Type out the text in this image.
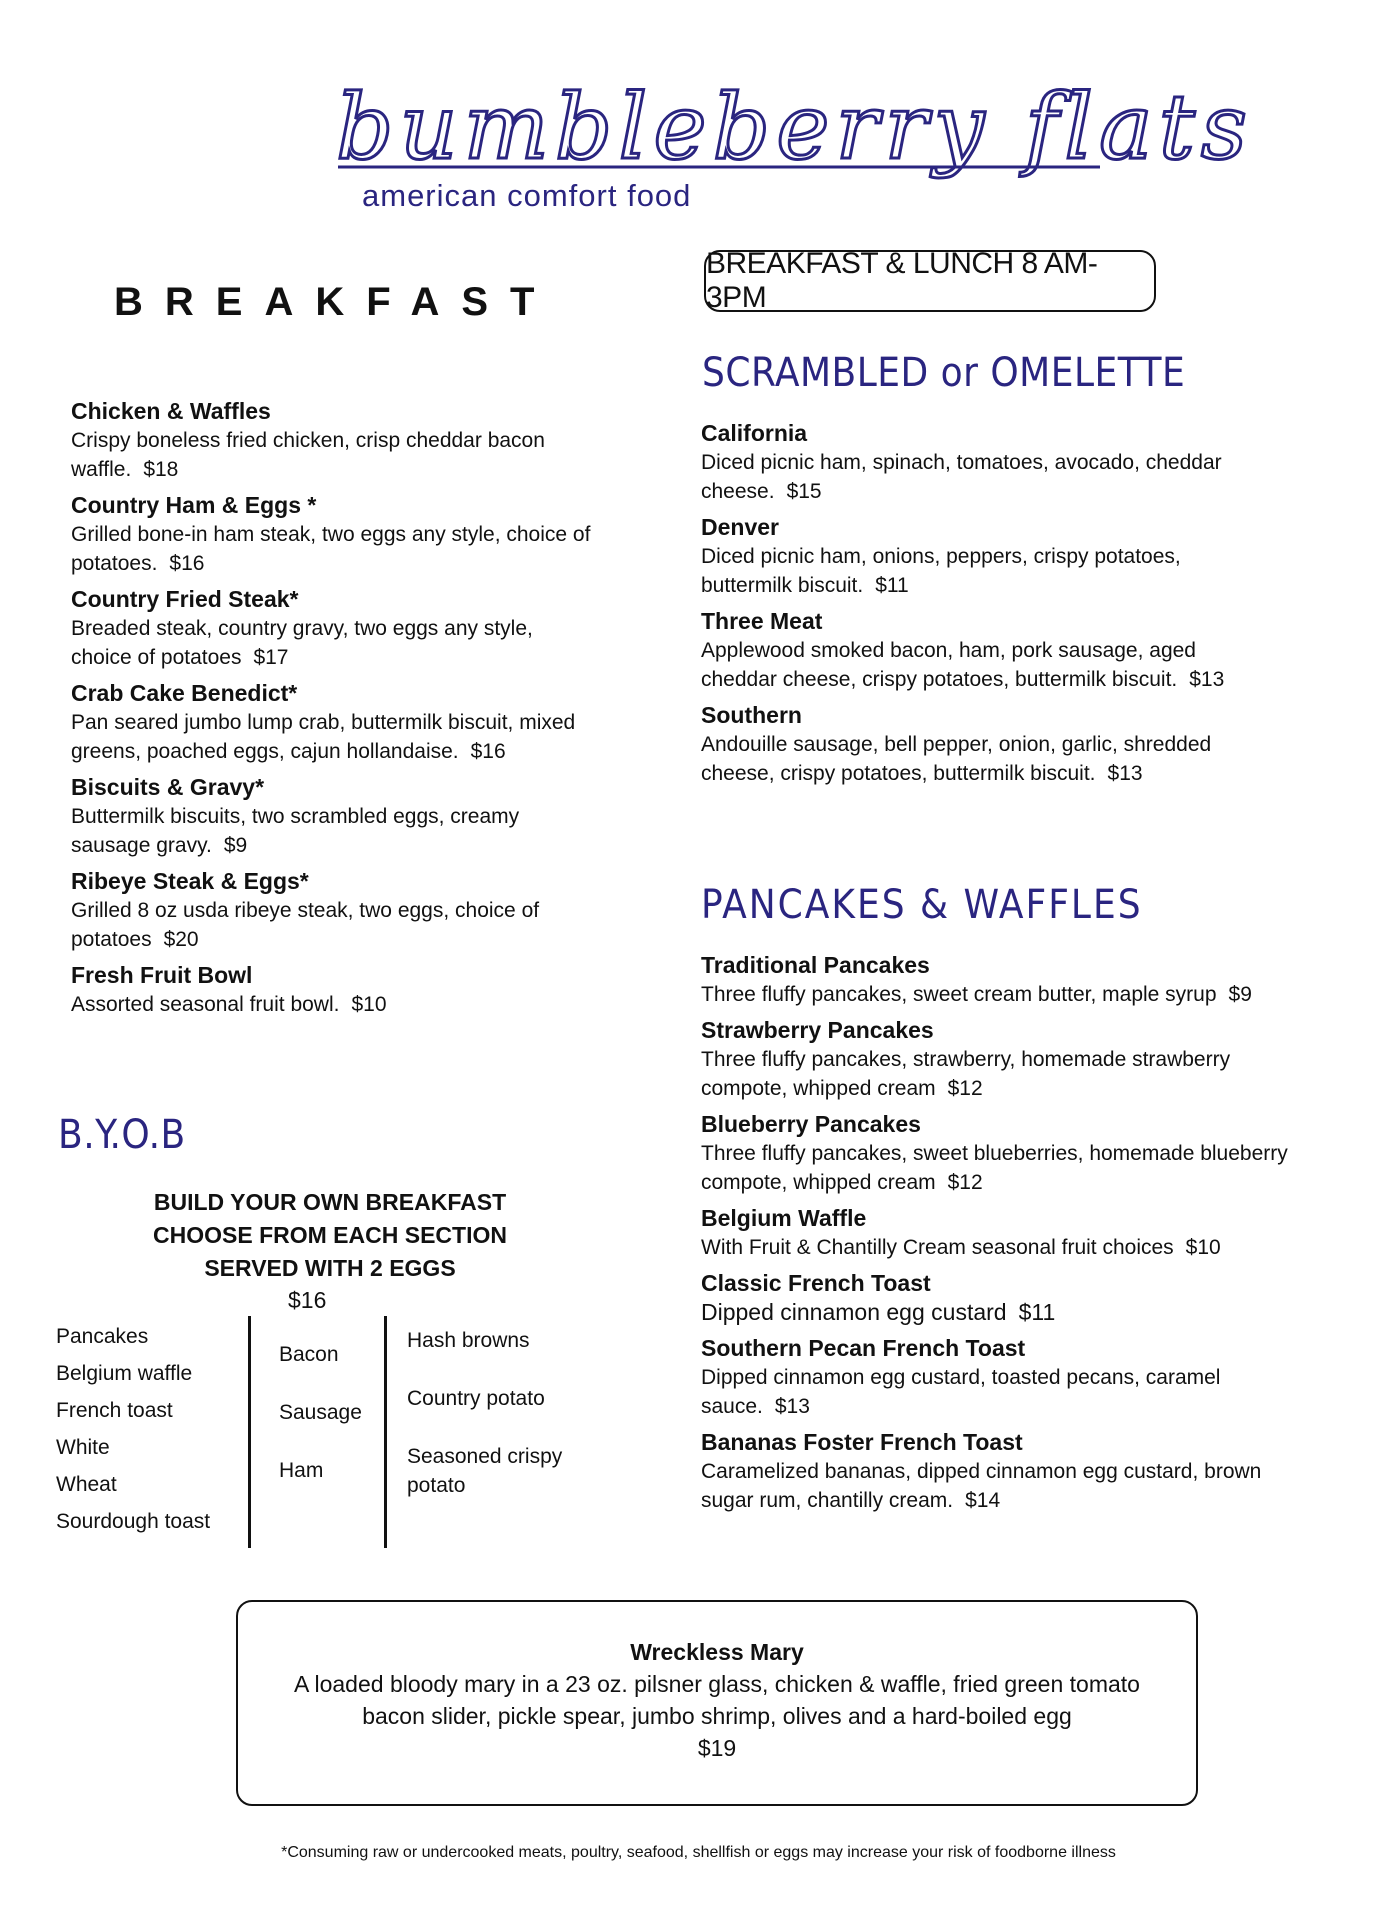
bumbleberry flats
american comfort food
BREAKFAST
BREAKFAST & LUNCH 8 AM- 3PM
Chicken & Waffles
Crispy boneless fried chicken, crisp cheddar bacon waffle. $18
Country Ham & Eggs *
Grilled bone-in ham steak, two eggs any style, choice of potatoes. $16
Country Fried Steak*
Breaded steak, country gravy, two eggs any style, choice of potatoes $17
Crab Cake Benedict*
Pan seared jumbo lump crab, buttermilk biscuit, mixed greens, poached eggs, cajun hollandaise. $16
Biscuits & Gravy*
Buttermilk biscuits, two scrambled eggs, creamy sausage gravy. $9
Ribeye Steak & Eggs*
Grilled 8 oz usda ribeye steak, two eggs, choice of potatoes $20
Fresh Fruit Bowl
Assorted seasonal fruit bowl. $10
B.Y.O.B
BUILD YOUR OWN BREAKFAST
CHOOSE FROM EACH SECTION
SERVED WITH 2 EGGS
$16
Pancakes
Belgium waffle
French toast
White
Wheat
Sourdough toast
Bacon
Sausage
Ham
Hash browns
Country potato
Seasoned crispy potato
SCRAMBLED or OMELETTE
California
Diced picnic ham, spinach, tomatoes, avocado, cheddar cheese. $15
Denver
Diced picnic ham, onions, peppers, crispy potatoes, buttermilk biscuit. $11
Three Meat
Applewood smoked bacon, ham, pork sausage, aged cheddar cheese, crispy potatoes, buttermilk biscuit. $13
Southern
Andouille sausage, bell pepper, onion, garlic, shredded cheese, crispy potatoes, buttermilk biscuit. $13
PANCAKES & WAFFLES
Traditional Pancakes
Three fluffy pancakes, sweet cream butter, maple syrup $9
Strawberry Pancakes
Three fluffy pancakes, strawberry, homemade strawberry compote, whipped cream $12
Blueberry Pancakes
Three fluffy pancakes, sweet blueberries, homemade blueberry compote, whipped cream $12
Belgium Waffle
With Fruit & Chantilly Cream seasonal fruit choices $10
Classic French Toast
Dipped cinnamon egg custard $11
Southern Pecan French Toast
Dipped cinnamon egg custard, toasted pecans, caramel sauce. $13
Bananas Foster French Toast
Caramelized bananas, dipped cinnamon egg custard, brown sugar rum, chantilly cream. $14
Wreckless Mary
A loaded bloody mary in a 23 oz. pilsner glass, chicken & waffle, fried green tomato bacon slider, pickle spear, jumbo shrimp, olives and a hard-boiled egg
$19
*Consuming raw or undercooked meats, poultry, seafood, shellfish or eggs may increase your risk of foodborne illness
